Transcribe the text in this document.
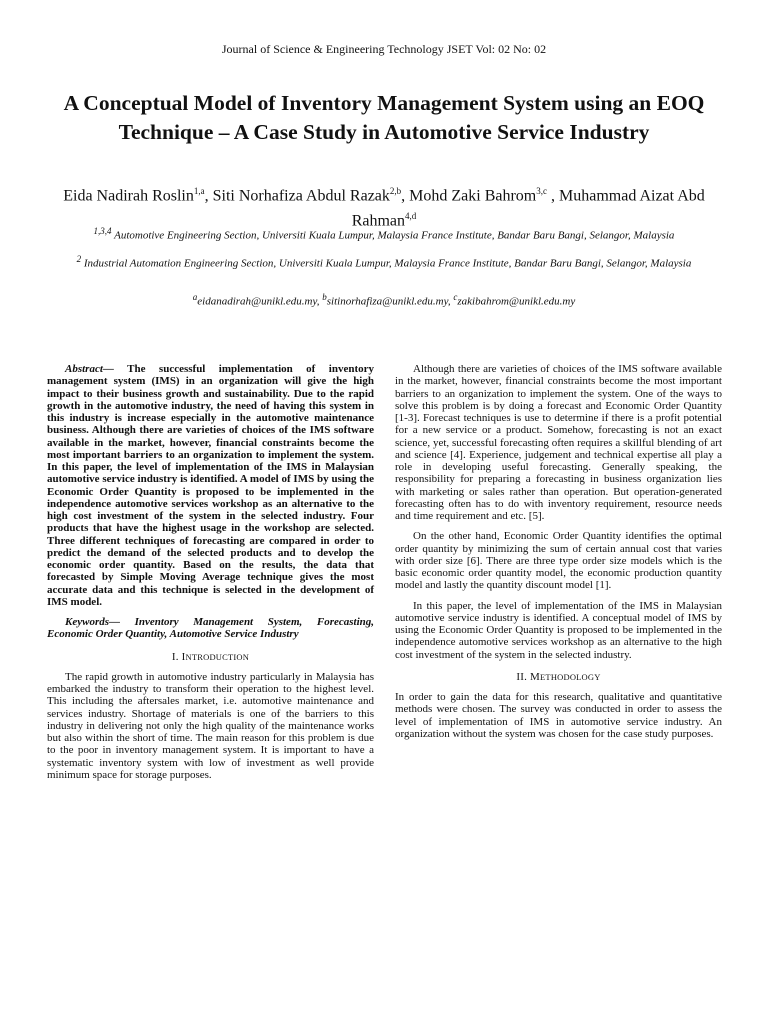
Journal of Science & Engineering Technology JSET Vol: 02 No: 02
A Conceptual Model of Inventory Management System using an EOQ Technique – A Case Study in Automotive Service Industry
Eida Nadirah Roslin$^{1,a}$, Siti Norhafiza Abdul Razak$^{2,b}$, Mohd Zaki Bahrom$^{3,c}$ , Muhammad Aizat Abd Rahman$^{4,d}$
$^{1,3,4}$ Automotive Engineering Section, Universiti Kuala Lumpur, Malaysia France Institute, Bandar Baru Bangi, Selangor, Malaysia
$^2$ Industrial Automation Engineering Section, Universiti Kuala Lumpur, Malaysia France Institute, Bandar Baru Bangi, Selangor, Malaysia
$^a$eidanadirah@unikl.edu.my, $^b$sitinorhafiza@unikl.edu.my, $^c$zakibahrom@unikl.edu.my

Abstract— The successful implementation of inventory management system (IMS) in an organization will give the high impact to their business growth and sustainability. Due to the rapid growth in the automotive industry, the need of having this system in this industry is increase especially in the automotive maintenance business. Although there are varieties of choices of the IMS software available in the market, however, financial constraints become the most important barriers to an organization to implement the system. In this paper, the level of implementation of the IMS in Malaysian automotive service industry is identified. A model of IMS by using the Economic Order Quantity is proposed to be implemented in the independence automotive services workshop as an alternative to the high cost investment of the system in the selected industry. Four products that have the highest usage in the workshop are selected. Three different techniques of forecasting are compared in order to predict the demand of the selected products and to develop the economic order quantity. Based on the results, the data that forecasted by Simple Moving Average technique gives the most accurate data and this technique is selected in the development of IMS model.

Keywords— Inventory Management System, Forecasting, Economic Order Quantity, Automotive Service Industry

I. INTRODUCTION

The rapid growth in automotive industry particularly in Malaysia has embarked the industry to transform their operation to the highest level. This including the aftersales market, i.e. automotive maintenance and services industry. Shortage of materials is one of the barriers to this industry in delivering not only the high quality of the maintenance works but also within the short of time. The main reason for this problem is due to the poor in inventory management system. It is important to have a systematic inventory system with low of investment as well provide minimum space for storage purposes.

Although there are varieties of choices of the IMS software available in the market, however, financial constraints become the most important barriers to an organization to implement the system. One of the ways to solve this problem is by doing a forecast and Economic Order Quantity [1-3]. Forecast techniques is use to determine if there is a profit potential for a new service or a product. Somehow, forecasting is not an exact science, yet, successful forecasting often requires a skillful blending of art and science [4]. Experience, judgement and technical expertise all play a role in developing useful forecasting. Generally speaking, the responsibility for preparing a forecasting in business organization lies with marketing or sales rather than operation. But operation-generated forecasting often has to do with inventory requirement, resource needs and time requirement and etc. [5].

On the other hand, Economic Order Quantity identifies the optimal order quantity by minimizing the sum of certain annual cost that varies with order size [6]. There are three type order size models which is the basic economic order quantity model, the economic production quantity model and lastly the quantity discount model [1].

In this paper, the level of implementation of the IMS in Malaysian automotive service industry is identified. A conceptual model of IMS by using the Economic Order Quantity is proposed to be implemented in the independence automotive services workshop as an alternative to the high cost investment of the system in the selected industry.

II. METHODOLOGY

In order to gain the data for this research, qualitative and quantitative methods were chosen. The survey was conducted in order to assess the level of implementation of IMS in automotive service industry. An organization without the system was chosen for the case study purposes.
